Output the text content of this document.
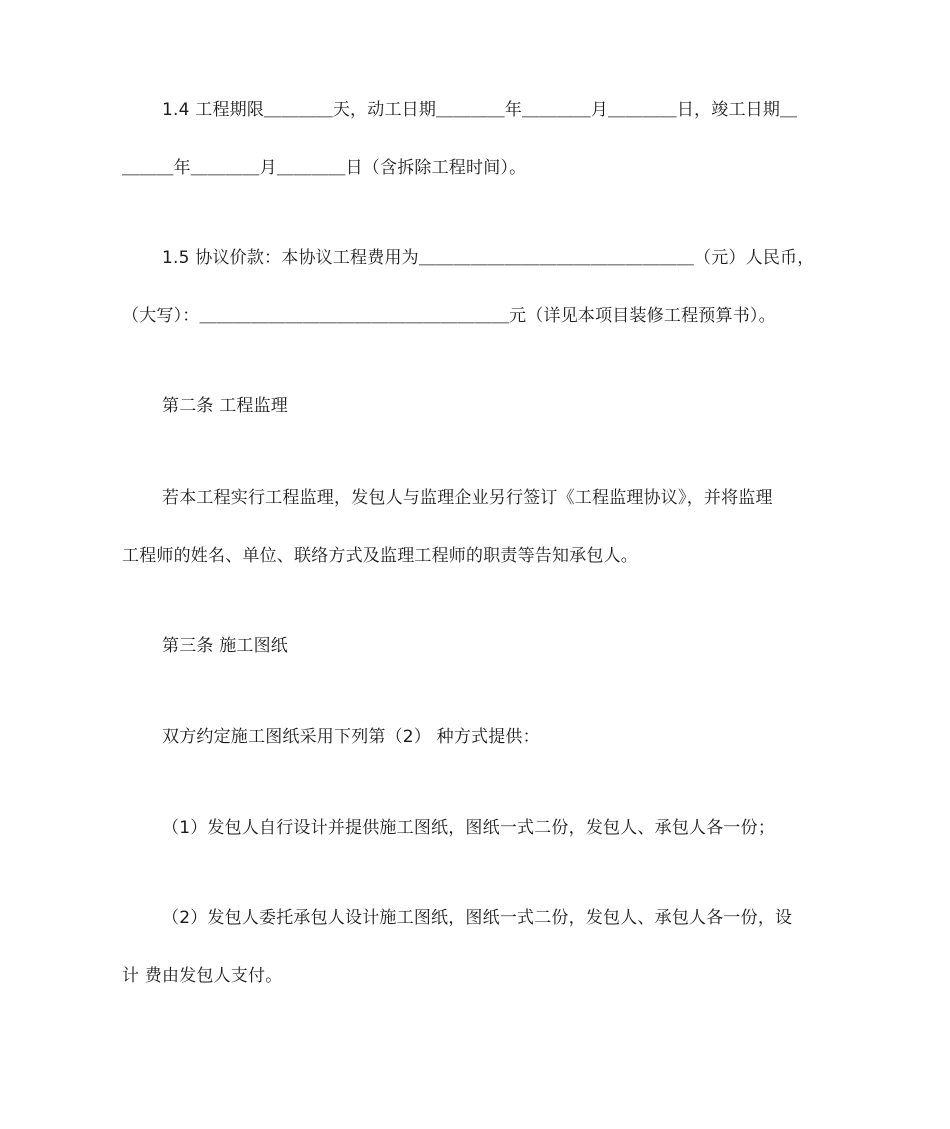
1.4 工程期限＿＿＿＿天，动工日期＿＿＿＿年＿＿＿＿月＿＿＿＿日，竣工日期＿
＿＿＿年＿＿＿＿月＿＿＿＿日（含拆除工程时间）。
1.5 协议价款：本协议工程费用为＿＿＿＿＿＿＿＿＿＿＿＿＿＿＿＿（元）人民币，
（大写）：＿＿＿＿＿＿＿＿＿＿＿＿＿＿＿＿＿＿元（详见本项目装修工程预算书）。
第二条 工程监理
若本工程实行工程监理，发包人与监理企业另行签订《工程监理协议》，并将监理
工程师的姓名、单位、联络方式及监理工程师的职责等告知承包人。
第三条 施工图纸
双方约定施工图纸采用下列第（2） 种方式提供：
（1）发包人自行设计并提供施工图纸，图纸一式二份，发包人、承包人各一份；
（2）发包人委托承包人设计施工图纸，图纸一式二份，发包人、承包人各一份，设
计 费由发包人支付。
